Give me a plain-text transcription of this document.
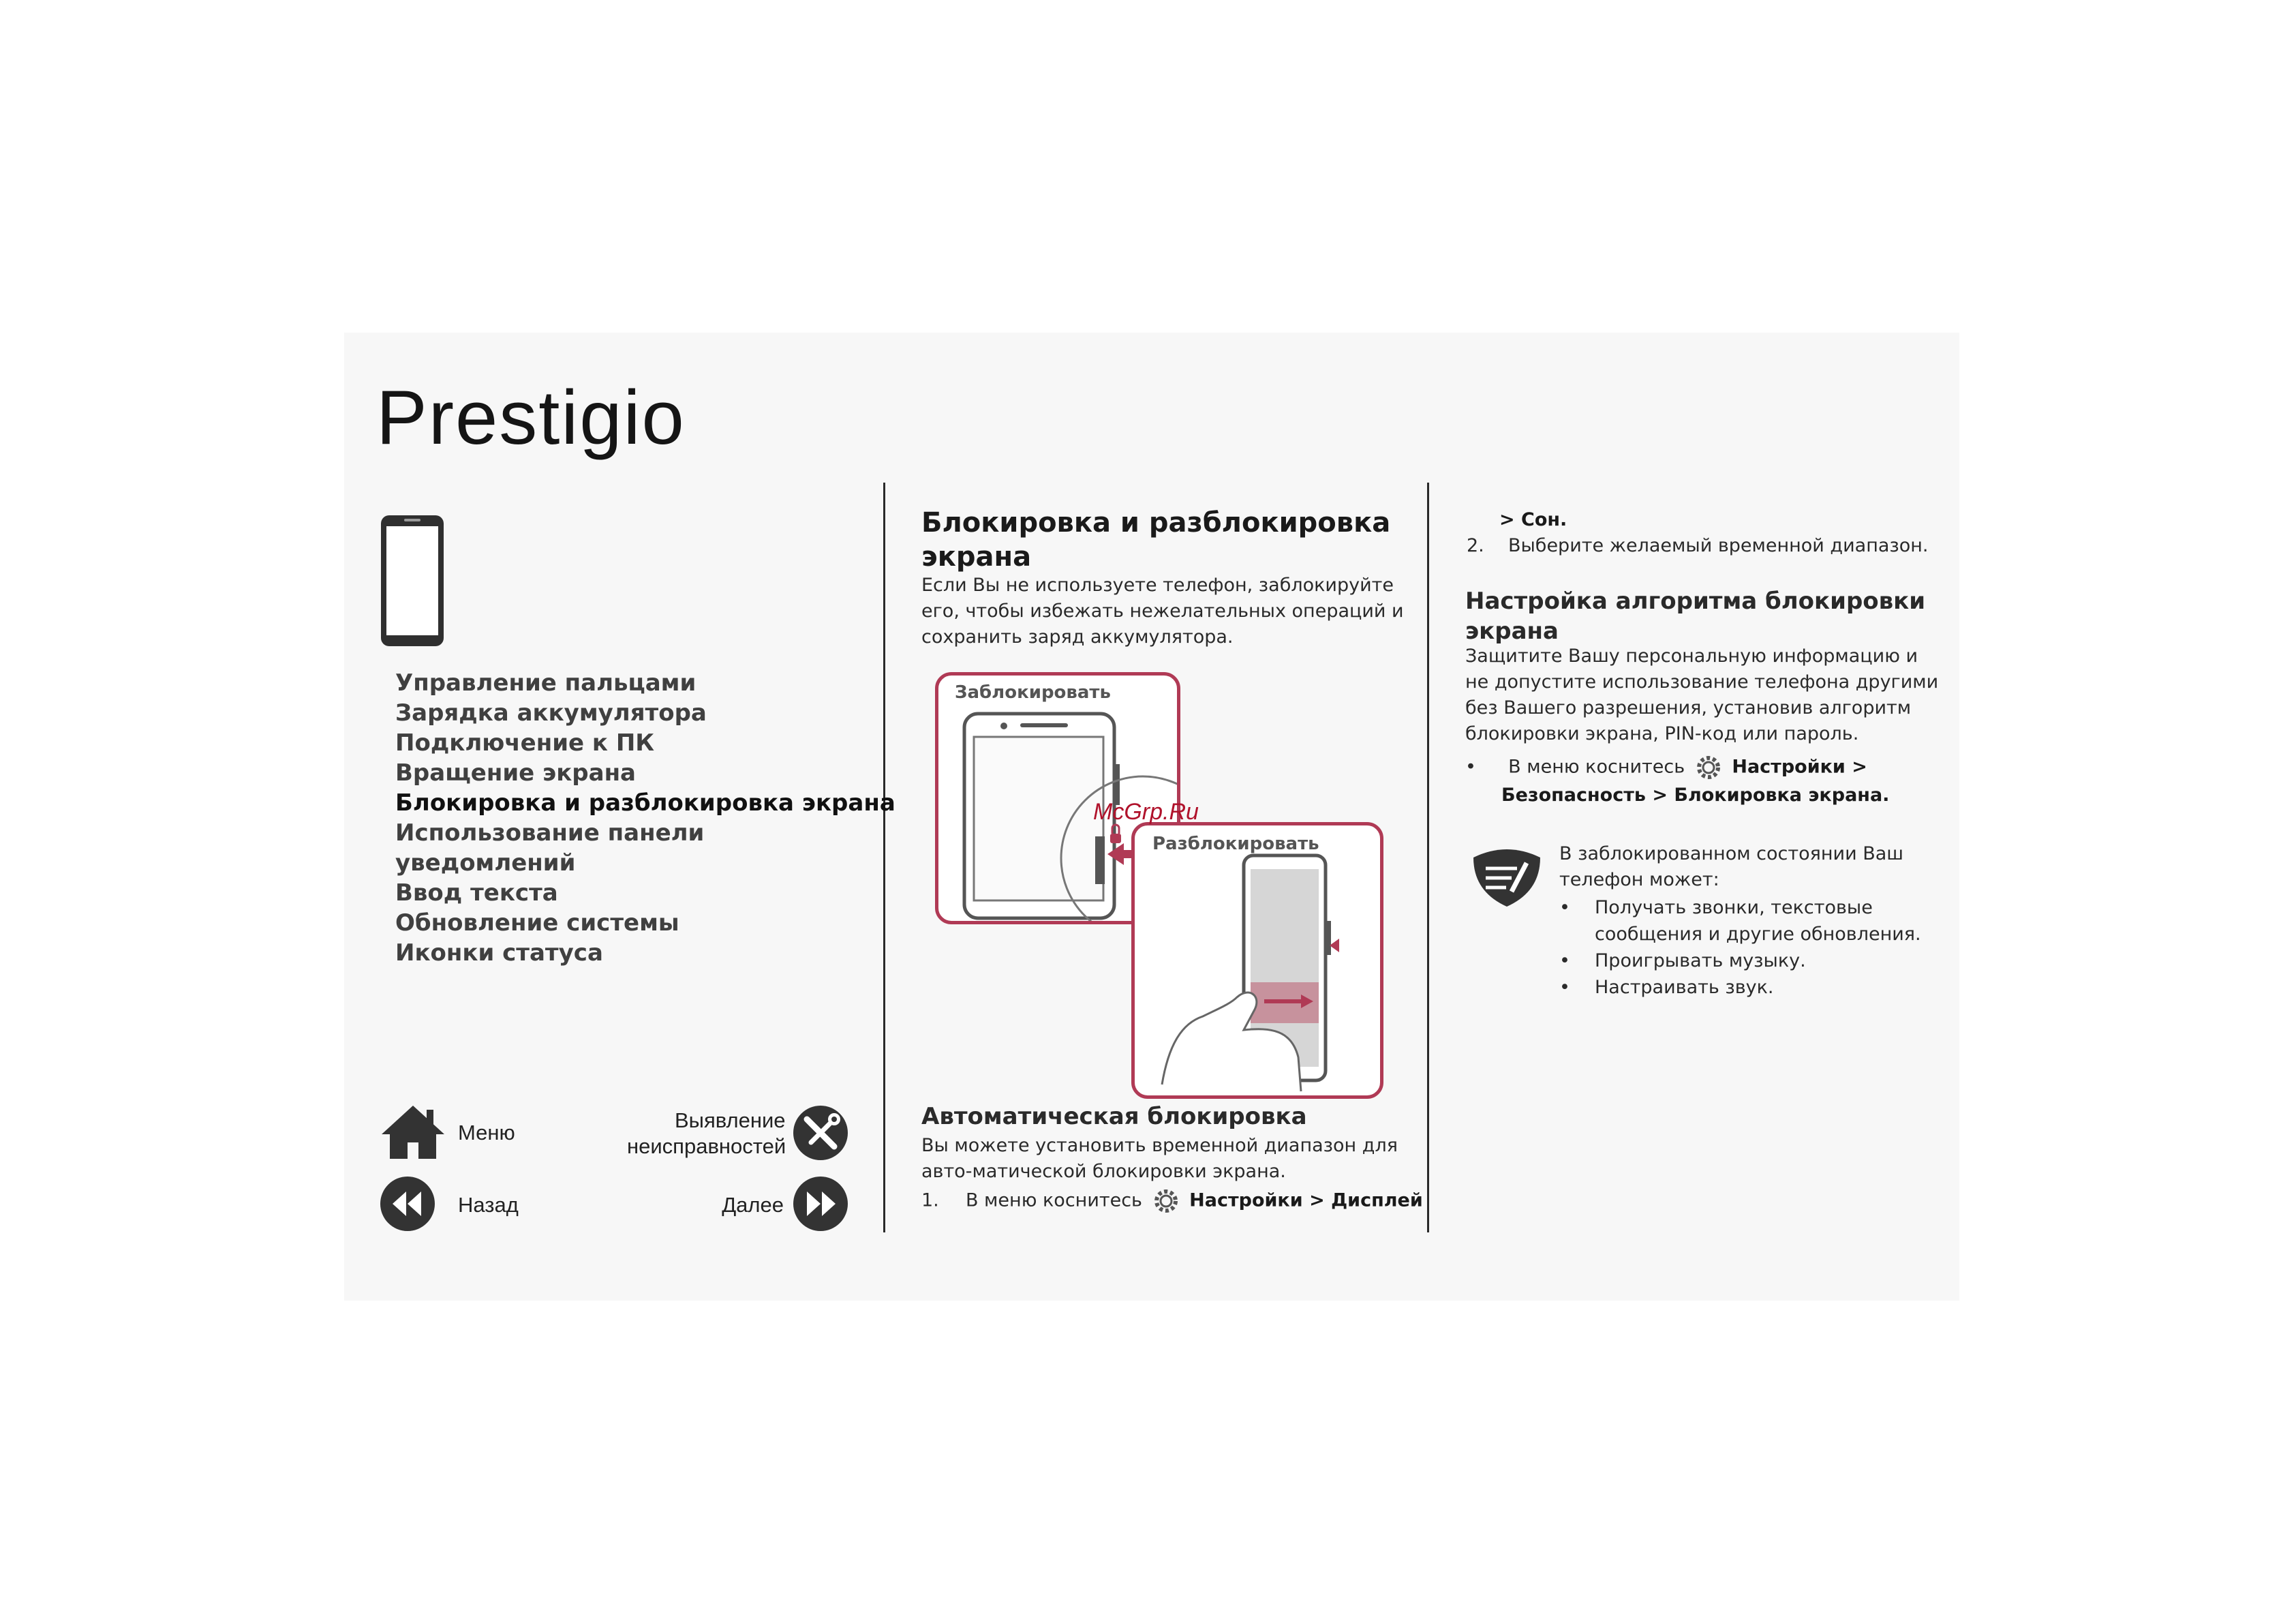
Prestigio
Управление пальцами
Зарядка аккумулятора
Подключение к ПК
Вращение экрана
Блокировка и разблокировка экрана
Использование панели
уведомлений
Ввод текста
Обновление системы
Иконки статуса
Меню
Выявление
неисправностей
Назад	Далее
Блокировка и разблокировка
экрана
Если Вы не используете телефон, заблокируйте
его, чтобы избежать нежелательных операций и
сохранить заряд аккумулятора.
Заблокировать
Разблокировать
McGrp.Ru
Автоматическая блокировка
Вы можете установить временной диапазон для
авто-матической блокировки экрана.
1. В меню коснитесь	Настройки > Дисплей
> Сон.
2. Выберите желаемый временной диапазон.
Настройка алгоритма блокировки
экрана
Защитите Вашу персональную информацию и
не допустите использование телефона другими
без Вашего разрешения, установив алгоритм
блокировки экрана, PIN-код или пароль.
• В меню коснитесь	Настройки >
Безопасность > Блокировка экрана.
В заблокированном состоянии Ваш
телефон может:
• Получать звонки, текстовые
сообщения и другие обновления.
• Проигрывать музыку.
• Настраивать звук.
